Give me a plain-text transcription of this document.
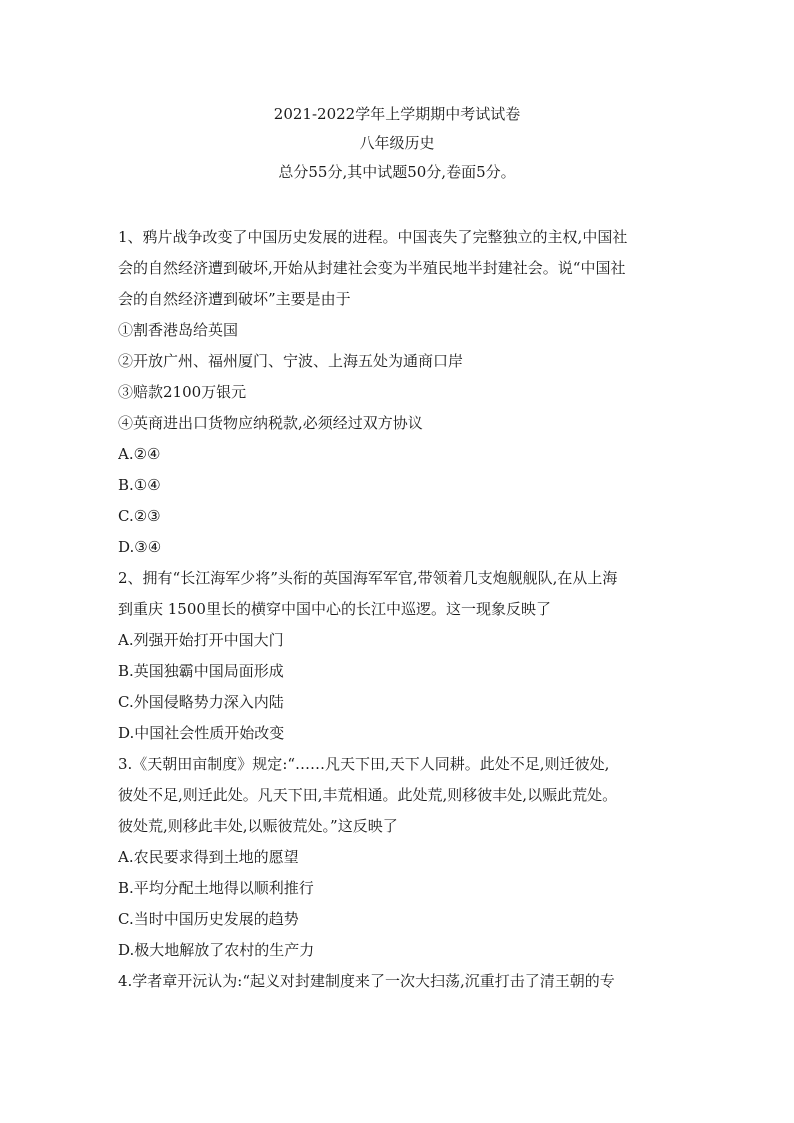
2021-2022学年上学期期中考试试卷
八年级历史
总分55分,其中试题50分,卷面5分。
1、鸦片战争改变了中国历史发展的进程。中国丧失了完整独立的主权,中国社
会的自然经济遭到破坏,开始从封建社会变为半殖民地半封建社会。说“中国社
会的自然经济遭到破坏”主要是由于
①割香港岛给英国
②开放广州、福州厦门、宁波、上海五处为通商口岸
③赔款2100万银元
④英商进出口货物应纳税款,必须经过双方协议
A.②④
B.①④
C.②③
D.③④
2、拥有“长江海军少将”头衔的英国海军军官,带领着几支炮舰舰队,在从上海
到重庆 1500里长的横穿中国中心的长江中巡逻。这一现象反映了
A.列强开始打开中国大门
B.英国独霸中国局面形成
C.外国侵略势力深入内陆
D.中国社会性质开始改变
3.《天朝田亩制度》规定:“……凡天下田,天下人同耕。此处不足,则迁彼处,
彼处不足,则迁此处。凡天下田,丰荒相通。此处荒,则移彼丰处,以赈此荒处。
彼处荒,则移此丰处,以赈彼荒处。”这反映了
A.农民要求得到土地的愿望
B.平均分配土地得以顺利推行
C.当时中国历史发展的趋势
D.极大地解放了农村的生产力
4.学者章开沅认为:“起义对封建制度来了一次大扫荡,沉重打击了清王朝的专
